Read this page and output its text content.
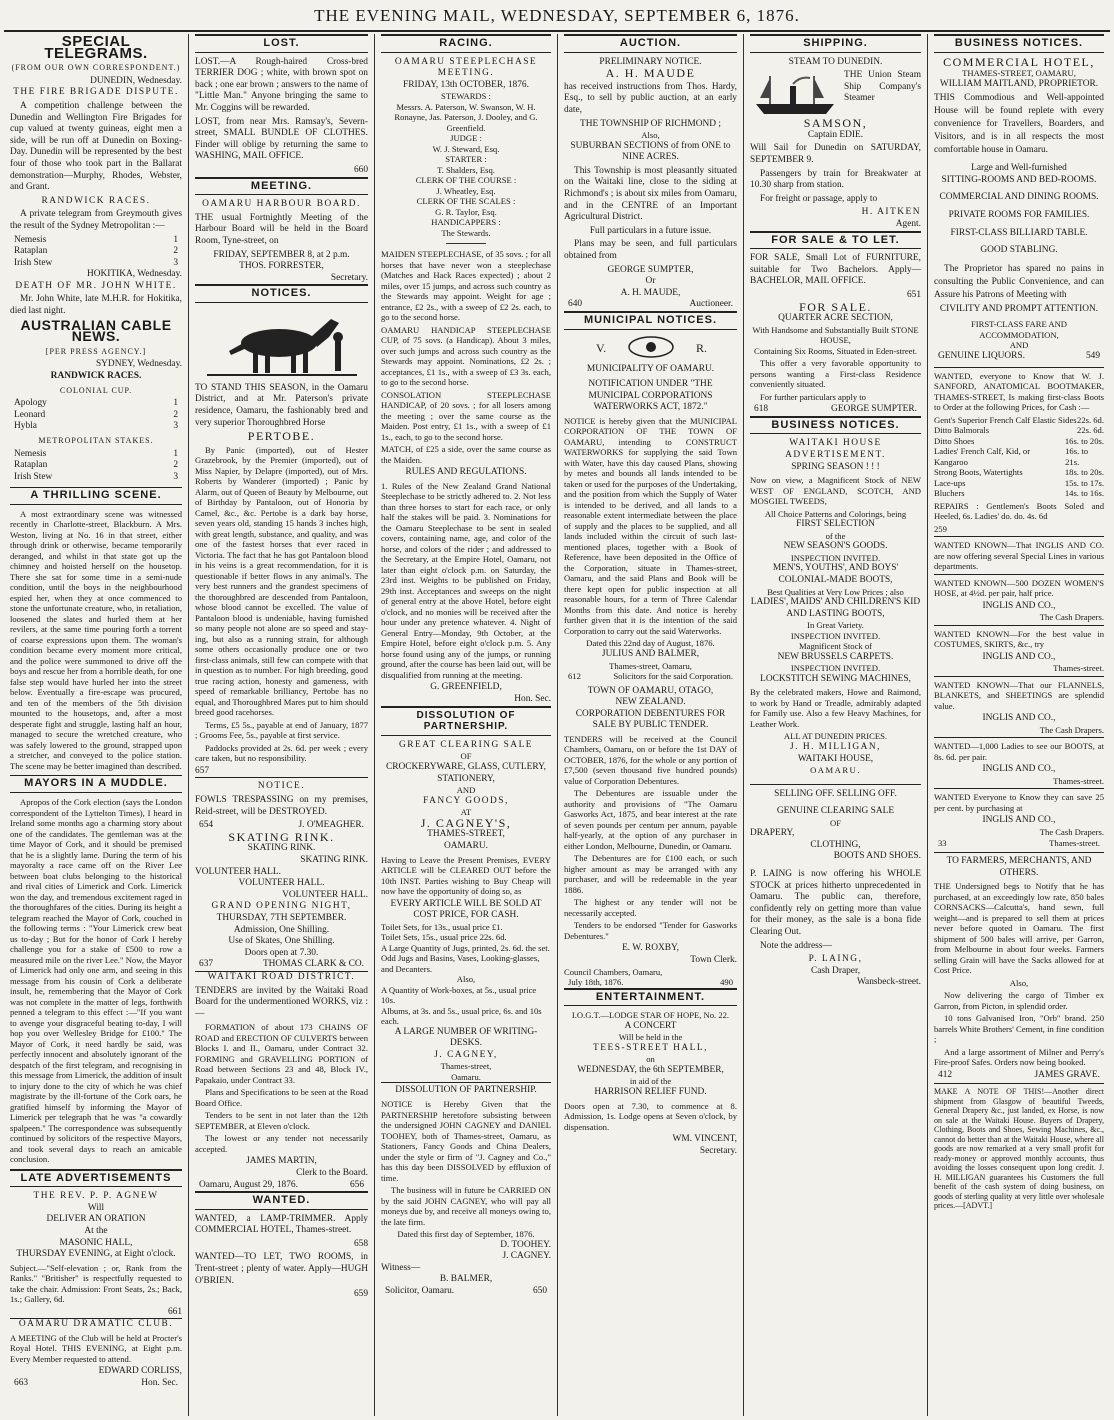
THE EVENING MAIL, WEDNESDAY, SEPTEMBER 6, 1876.
SPECIAL TELEGRAMS.
(FROM OUR OWN CORRESPONDENT.)
DUNEDIN, Wednesday.
THE FIRE BRIGADE DISPUTE.
A competition challenge between the Dunedin and Wellington Fire Brigades for cup valued at twenty guineas, eight men a side, will be run off at Dunedin on Boxing-Day. Dunedin will be represented by the best four of those who took part in the Ballarat demonstration—Murphy, Rhodes, Webster, and Grant.
RANDWICK RACES.
A private telegram from Greymouth gives the result of the Sydney Metropolitan :—
Nemesis	1
Rataplan	2
Irish Stew	3
HOKITIKA, Wednesday.
DEATH OF MR. JOHN WHITE.
Mr. John White, late M.H.R. for Hokitika, died last night.
AUSTRALIAN CABLE NEWS.
[PER PRESS AGENCY.]
SYDNEY, Wednesday.
RANDWICK RACES.
COLONIAL CUP.
Apology	1
Leonard	2
Hybla	3
METROPOLITAN STAKES.
Nemesis	1
Rataplan	2
Irish Stew	3
A THRILLING SCENE.
A most extraordinary scene was witnessed recently in Charlotte-street, Blackburn. A Mrs. Weston, living at No. 16 in that street, either through drink or otherwise, became temporarily deranged, and whilst in that state got up the chimney and hoisted herself on the housetop. There she sat for some time in a semi-nude condition, until the boys in the neighbourhood espied her, when they at once commenced to stone the unfortunate creature, who, in retaliation, loosened the slates and hurled them at her revilers, at the same time pouring forth a torrent of coarse expressions upon them. The woman's condition became every moment more critical, and the police were summoned to drive off the boys and rescue her from a horrible death, for one false step would have hurled her into the street below. Eventually a fire-escape was procured, and ten of the members of the 5th division mounted to the housetops, and, after a most desperate fight and struggle, lasting half an hour, managed to secure the wretched creature, who was safely lowered to the ground, strapped upon a stretcher, and conveyed to the police station. The scene may be better imagined than described.
MAYORS IN A MUDDLE.
Apropos of the Cork election (says the London correspondent of the Lyttelton Times), I heard in Ireland some months ago a charming story about one of the candidates. The gentleman was at the time Mayor of Cork, and it should be premised that he is a slightly lame. During the term of his mayoralty a race came off on the River Lee between boat clubs belonging to the historical and rival cities of Limerick and Cork. Limerick won the day, and tremendous excitement raged in the thoroughfares of the cities. During its height a telegram reached the Mayor of Cork, couched in the following terms : "Your Limerick crew beat us to-day ; But for the honor of Cork I hereby challenge you for a stake of £500 to row a measured mile on the river Lee." Now, the Mayor of Limerick had only one arm, and seeing in this message from his cousin of Cork a deliberate insult, he, remembering that the Mayor of Cork was not complete in the matter of legs, forthwith penned a telegram to this effect :—"If you want to avenge your disgraceful beating to-day, I will hop you over Wellesley Bridge for £100." The Mayor of Cork, it need hardly be said, was perfectly innocent and absolutely ignorant of the despatch of the first telegram, and recognising in this message from Limerick, the addition of insult to injury done to the city of which he was chief magistrate by the ill-fortune of the Cork oars, he gratified himself by informing the Mayor of Limerick per telegraph that he was "a cowardly spalpeen." The correspondence was subsequently continued by solicitors of the respective Mayors, and took several days to reach an amicable conclusion.
LATE ADVERTISEMENTS
THE REV. P. P. AGNEW
Will
DELIVER AN ORATION
At the
MASONIC HALL,
THURSDAY EVENING, at Eight o'clock.
Subject.—"Self-elevation ; or, Rank from the Ranks." "Britisher" is respectfully requested to take the chair. Admission: Front Seats, 2s.; Back, 1s.; Gallery, 6d.
661
OAMARU DRAMATIC CLUB.
A MEETING of the Club will be held at Procter's Royal Hotel. THIS EVENING, at Eight p.m. Every Member requested to attend.
EDWARD CORLISS,
663	Hon. Sec.
LOST.
LOST.—A Rough-haired Cross-bred TERRIER DOG ; white, with brown spot on back ; one ear brown ; answers to the name of "Little Man." Anyone bringing the same to Mr. Coggins will be rewarded.
LOST, from near Mrs. Ramsay's, Severn-street, SMALL BUNDLE OF CLOTHES. Finder will oblige by returning the same to WASHING, MAIL OFFICE.
660
MEETING.
OAMARU HARBOUR BOARD.
THE usual Fortnightly Meeting of the Harbour Board will be held in the Board Room, Tyne-street, on
FRIDAY, SEPTEMBER 8, at 2 p.m.
THOS. FORRESTER,
Secretary.
NOTICES.
TO STAND THIS SEASON, in the Oamaru District, and at Mr. Paterson's private residence, Oamaru, the fashionably bred and very superior Thoroughbred Horse
PERTOBE.
By Panic (imported), out of Hester Grazebrook, by the Premier (imported), out of Miss Napier, by Delapre (imported), out of Mrs. Roberts by Wanderer (imported) ; Panic by Alarm, out of Queen of Beauty by Melbourne, out of Birthday by Pantaloon, out of Honoria by Camel, &c., &c. Pertobe is a dark bay horse, seven years old, standing 15 hands 3 inches high, with great length, substance, and quality, and was one of the fastest horses that ever raced in Victoria. The fact that he has got Pantaloon blood in his veins is a great recommendation, for it is questionable if better flows in any animal's. The very best runners and the grandest specimens of the thoroughbred are descended from Pantaloon, whose blood cannot be excelled. The value of Pantaloon blood is undeniable, having furnished so many people not alone are so speed and stay-ing, but also as a running strain, for although some others occasionally produce one or two first-class animals, still few can compete with that in question as to number. For high breeding, good true racing action, honesty and gameness, with speed of remarkable brilliancy, Pertobe has no equal, and Thoroughbred Mares put to him should breed good racehorses.
Terms, £5 5s., payable at end of January, 1877 ; Grooms Fee, 5s., payable at first service.
Paddocks provided at 2s. 6d. per week ; every care taken, but no responsibility.
657
NOTICE.
FOWLS TRESPASSING on my premises, Reid-street, will be DESTROYED.
654	J. O'MEAGHER.
SKATING RINK.
SKATING RINK.
SKATING RINK.
VOLUNTEER HALL.
VOLUNTEER HALL.
VOLUNTEER HALL.
GRAND OPENING NIGHT,
THURSDAY, 7TH SEPTEMBER.
Admission, One Shilling.
Use of Skates, One Shilling.
Doors open at 7.30.
637	THOMAS CLARK & CO.
WAITAKI ROAD DISTRICT.
TENDERS are invited by the Waitaki Road Board for the undermentioned WORKS, viz :—
FORMATION of about 173 CHAINS OF ROAD and ERECTION OF CULVERTS between Blocks I. and II., Oamaru, under Contract 32. FORMING and GRAVELLING PORTION of Road between Sections 23 and 48, Block IV., Papakaio, under Contract 33.
Plans and Specifications to be seen at the Road Board Office.
Tenders to be sent in not later than the 12th SEPTEMBER, at Eleven o'clock.
The lowest or any tender not necessarily accepted.
JAMES MARTIN,
Clerk to the Board.
Oamaru, August 29, 1876.	656
WANTED.
WANTED, a LAMP-TRIMMER. Apply COMMERCIAL HOTEL, Thames-street.
658
WANTED—TO LET, TWO ROOMS, in Trent-street ; plenty of water. Apply—HUGH O'BRIEN.
659
RACING.
OAMARU STEEPLECHASE MEETING.
FRIDAY, 13th OCTOBER, 1876.
STEWARDS :
Messrs. A. Paterson, W. Swanson, W. H. Ronayne, Jas. Paterson, J. Dooley, and G. Greenfield.
JUDGE :
W. J. Steward, Esq.
STARTER :
T. Shalders, Esq.
CLERK OF THE COURSE :
J. Wheatley, Esq.
CLERK OF THE SCALES :
G. R. Taylor, Esq.
HANDICAPPERS :
The Stewards.
MAIDEN STEEPLECHASE, of 35 sovs. ; for all horses that have never won a steeplechase (Matches and Hack Races expected) ; about 2 miles, over 15 jumps, and across such country as the Stewards may appoint. Weight for age ; entrance, £2 2s., with a sweep of £2 2s. each, to go to the second horse.
OAMARU HANDICAP STEEPLECHASE CUP, of 75 sovs. (a Handicap). About 3 miles, over such jumps and across such country as the Stewards may appoint. Nominations, £2 2s. ; acceptances, £1 1s., with a sweep of £3 3s. each, to go to the second horse.
CONSOLATION STEEPLECHASE HANDICAP, of 20 sovs. ; for all losers among the meeting ; over the same course as the Maiden. Post entry, £1 1s., with a sweep of £1 1s., each, to go to the second horse.
MATCH, of £25 a side, over the same course as the Maiden.
RULES AND REGULATIONS.
1. Rules of the New Zealand Grand National Steeplechase to be strictly adhered to. 2. Not less than three horses to start for each race, or only half the stakes will be paid. 3. Nominations for the Oamaru Steeplechase to be sent in sealed covers, containing name, age, and color of the horse, and colors of the rider ; and addressed to the Secretary, at the Empire Hotel, Oamaru, not later than eight o'clock p.m. on Saturday, the 23rd inst. Weights to be published on Friday, 29th inst. Acceptances and sweeps on the night of general entry at the above Hotel, before eight o'clock, and no monies will be received after the hour under any pretence whatever. 4. Night of General Entry—Monday, 9th October, at the Empire Hotel, before eight o'clock p.m. 5. Any horse found using any of the jumps, or running ground, after the course has been laid out, will be disqualified from running at the meeting.
G. GREENFIELD,
Hon. Sec.
DISSOLUTION OF PARTNERSHIP.
GREAT CLEARING SALE
OF
CROCKERYWARE, GLASS, CUTLERY, STATIONERY,
AND
FANCY GOODS,
AT
J. CAGNEY'S,
THAMES-STREET,
OAMARU.
Having to Leave the Present Premises, EVERY ARTICLE will be CLEARED OUT before the 10th INST. Parties wishing to Buy Cheap will now have the opportunity of doing so, as
EVERY ARTICLE WILL BE SOLD AT COST PRICE, FOR CASH.
Toilet Sets, for 13s., usual price £1.
Toilet Sets, 15s., usual price 22s. 6d.
A Large Quantity of Jugs, printed, 2s. 6d. the set.
Odd Jugs and Basins, Vases, Looking-glasses, and Decanters.
Also,
A Quantity of Work-boxes, at 5s., usual price 10s.
Albums, at 3s. and 5s., usual price, 6s. and 10s each.
A LARGE NUMBER OF WRITING-DESKS.
J. CAGNEY,
Thames-street,
Oamaru.
DISSOLUTION OF PARTNERSHIP.
NOTICE is Hereby Given that the PARTNERSHIP heretofore subsisting between the undersigned JOHN CAGNEY and DANIEL TOOHEY, both of Thames-street, Oamaru, as Stationers, Fancy Goods and China Dealers, under the style or firm of "J. Cagney and Co.," has this day been DISSOLVED by effluxion of time.
The business will in future be CARRIED ON by the said JOHN CAGNEY, who will pay all moneys due by, and receive all moneys owing to, the late firm.
Dated this first day of September, 1876.
D. TOOHEY.
J. CAGNEY.
Witness—
B. BALMER,
Solicitor, Oamaru.	650
AUCTION.
PRELIMINARY NOTICE.
A. H. MAUDE
has received instructions from Thos. Hardy, Esq., to sell by public auction, at an early date,
THE TOWNSHIP OF RICHMOND ;
Also,
SUBURBAN SECTIONS of from ONE to NINE ACRES.
This Township is most pleasantly situated on the Waitaki line, close to the siding at Richmond's ; is about six miles from Oamaru, and in the CENTRE of an Important Agricultural District.
Full particulars in a future issue.
Plans may be seen, and full particulars obtained from
GEORGE SUMPTER,
Or
A. H. MAUDE,
640	Auctioneer.
MUNICIPAL NOTICES.
V.	R.
MUNICIPALITY OF OAMARU.
NOTIFICATION UNDER "THE MUNICIPAL CORPORATIONS WATERWORKS ACT, 1872."
NOTICE is hereby given that the MUNICIPAL CORPORATION OF THE TOWN OF OAMARU, intending to CONSTRUCT WATERWORKS for supplying the said Town with Water, have this day caused Plans, showing by metes and bounds all lands intended to be taken or used for the purposes of the Undertaking, and the position from which the Supply of Water is intended to be derived, and all lands to a reasonable extent intermediate between the place of supply and the places to be supplied, and all lands included within the circuit of such last-mentioned places, together with a Book of Reference, have been deposited in the Office of the Corporation, situate in Thames-street, Oamaru, and the said Plans and Book will be there kept open for public inspection at all reasonable hours, for a term of Three Calendar Months from this date. And notice is hereby further given that it is the intention of the said Corporation to carry out the said Waterworks.
Dated this 22nd day of August, 1876.
JULIUS AND BALMER,
Thames-street, Oamaru,
612	Solicitors for the said Corporation.
TOWN OF OAMARU, OTAGO,
NEW ZEALAND.
CORPORATION DEBENTURES FOR SALE BY PUBLIC TENDER.
TENDERS will be received at the Council Chambers, Oamaru, on or before the 1st DAY of OCTOBER, 1876, for the whole or any portion of £7,500 (seven thousand five hundred pounds) value of Corporation Debentures.
The Debentures are issuable under the authority and provisions of "The Oamaru Gasworks Act, 1875, and bear interest at the rate of seven pounds per centum per annum, payable half-yearly, at the option of any purchaser in either London, Melbourne, Dunedin, or Oamaru.
The Debentures are for £100 each, or such higher amount as may be arranged with any purchaser, and will be redeemable in the year 1886.
The highest or any tender will not be necessarily accepted.
Tenders to be endorsed "Tender for Gasworks Debentures."
E. W. ROXBY,
Town Clerk.
Council Chambers, Oamaru,
July 18th, 1876.	490
ENTERTAINMENT.
I.O.G.T.—LODGE STAR OF HOPE, No. 22.
A CONCERT
Will be held in the
TEES-STREET HALL,
on
WEDNESDAY, the 6th SEPTEMBER,
in aid of the
HARRISON RELIEF FUND.
Doors open at 7.30, to commence at 8. Admission, 1s. Lodge opens at Seven o'clock, by dispensation.
WM. VINCENT,
Secretary.
SHIPPING.
STEAM TO DUNEDIN.
THE Union Steam Ship Company's Steamer
SAMSON,
Captain EDIE.
Will Sail for Dunedin on SATURDAY, SEPTEMBER 9.
Passengers by train for Breakwater at 10.30 sharp from station.
For freight or passage, apply to
H. AITKEN
Agent.
FOR SALE & TO LET.
FOR SALE, Small Lot of FURNITURE, suitable for Two Bachelors. Apply—BACHELOR, MAIL OFFICE.
651
FOR SALE.
QUARTER ACRE SECTION,
With Handsome and Substantially Built STONE HOUSE,
Containing Six Rooms, Situated in Eden-street.
This offer a very favorable opportunity to persons wanting a First-class Residence conveniently situated.
For further particulars apply to
618	GEORGE SUMPTER.
BUSINESS NOTICES.
WAITAKI HOUSE ADVERTISEMENT.
SPRING SEASON ! ! !
Now on view, a Magnificent Stock of NEW WEST OF ENGLAND, SCOTCH, AND MOSGIEL TWEEDS,
All Choice Patterns and Colorings, being
FIRST SELECTION
of the
NEW SEASON'S GOODS.
INSPECTION INVITED.
MEN'S, YOUTHS', AND BOYS' COLONIAL-MADE BOOTS,
Best Qualities at Very Low Prices ; also
LADIES', MAIDS' AND CHILDREN'S KID AND LASTING BOOTS,
In Great Variety.
INSPECTION INVITED.
Magnificent Stock of
NEW BRUSSELS CARPETS.
INSPECTION INVITED.
LOCKSTITCH SEWING MACHINES,
By the celebrated makers, Howe and Raimond, to work by Hand or Treadle, admirably adapted for Family use. Also a few Heavy Machines, for Leather Work.
ALL AT DUNEDIN PRICES.
J. H. MILLIGAN,
WAITAKI HOUSE,
OAMARU.
SELLING OFF. SELLING OFF.
GENUINE CLEARING SALE
OF
DRAPERY,
CLOTHING,
BOOTS AND SHOES.
P. LAING is now offering his WHOLE STOCK at prices hitherto unprecedented in Oamaru. The public can, therefore, confidently rely on getting more than value for their money, as the sale is a bona fide Clearing Out.
Note the address—
P. LAING,
Cash Draper,
Wansbeck-street.
BUSINESS NOTICES.
COMMERCIAL HOTEL,
THAMES-STREET, OAMARU,
WILLIAM MAITLAND, PROPRIETOR.
THIS Commodious and Well-appointed House will be found replete with every convenience for Travellers, Boarders, and Visitors, and is in all respects the most comfortable house in Oamaru.
Large and Well-furnished
SITTING-ROOMS AND BED-ROOMS.
COMMERCIAL AND DINING ROOMS.
PRIVATE ROOMS FOR FAMILIES.
FIRST-CLASS BILLIARD TABLE.
GOOD STABLING.
The Proprietor has spared no pains in consulting the Public Convenience, and can Assure his Patrons of Meeting with
CIVILITY AND PROMPT ATTENTION.
FIRST-CLASS FARE AND ACCOMMODATION,
AND
GENUINE LIQUORS.	549
WANTED, everyone to Know that W. J. SANFORD, ANATOMICAL BOOTMAKER, THAMES-STREET, Is making first-class Boots to Order at the following Prices, for Cash :—
Gent's Superior French Calf Elastic Sides 22s. 6d.
Ditto Balmorals	22s. 6d.
Ditto Shoes	16s. to 20s.
Ladies' French Calf, Kid, or Kangaroo
16s. to 21s.
Strong Boots, Watertights	18s. to 20s.
Lace-ups	15s. to 17s.
Bluchers	14s. to 16s.
REPAIRS : Gentlemen's Boots Soled and Heeled, 6s. Ladies' do. do. 4s. 6d
259
WANTED KNOWN—That INGLIS AND CO. are now offering several Special Lines in various departments.
WANTED KNOWN—500 DOZEN WOMEN'S HOSE, at 4½d. per pair, half price.
INGLIS AND CO.,
The Cash Drapers.
WANTED KNOWN—For the best value in COSTUMES, SKIRTS, &c., try
INGLIS AND CO.,
Thames-street.
WANTED KNOWN—That our FLANNELS, BLANKETS, and SHEETINGS are splendid value.
INGLIS AND CO.,
The Cash Drapers.
WANTED—1,000 Ladies to see our BOOTS, at 8s. 6d. per pair.
INGLIS AND CO.,
Thames-street.
WANTED Everyone to Know they can save 25 per cent. by purchasing at
INGLIS AND CO.,
The Cash Drapers.
33	Thames-street.
TO FARMERS, MERCHANTS, AND OTHERS.
THE Undersigned begs to Notify that he has purchased, at an exceedingly low rate, 850 bales CORNSACKS—Calcutta's, hand sewn, full weight—and is prepared to sell them at prices never before quoted in Oamaru. The first shipment of 500 bales will arrive, per Garron, from Melbourne in about four weeks. Farmers selling Grain will have the Sacks allowed for at Cost Price.
Also,
Now delivering the cargo of Timber ex Garron, from Picton, in splendid order.
10 tons Galvanised Iron, "Orb" brand. 250 barrels White Brothers' Cement, in fine condition ;
And a large assortment of Milner and Perry's Fire-proof Safes. Orders now being booked.
412	JAMES GRAVE.
MAKE A NOTE OF THIS!—Another direct shipment from Glasgow of beautiful Tweeds, General Drapery &c., just landed, ex Horse, is now on sale at the Waitaki House. Buyers of Drapery, Clothing, Boots and Shoes, Sewing Machines, &c., cannot do better than at the Waitaki House, where all goods are now remarked at a very small profit for ready-money or approved monthly accounts, thus avoiding the losses consequent upon long credit. J. H. MILLIGAN guarantees his Customers the full benefit of the cash system of doing business, on goods of sterling quality at very little over wholesale prices.—[ADVT.]
